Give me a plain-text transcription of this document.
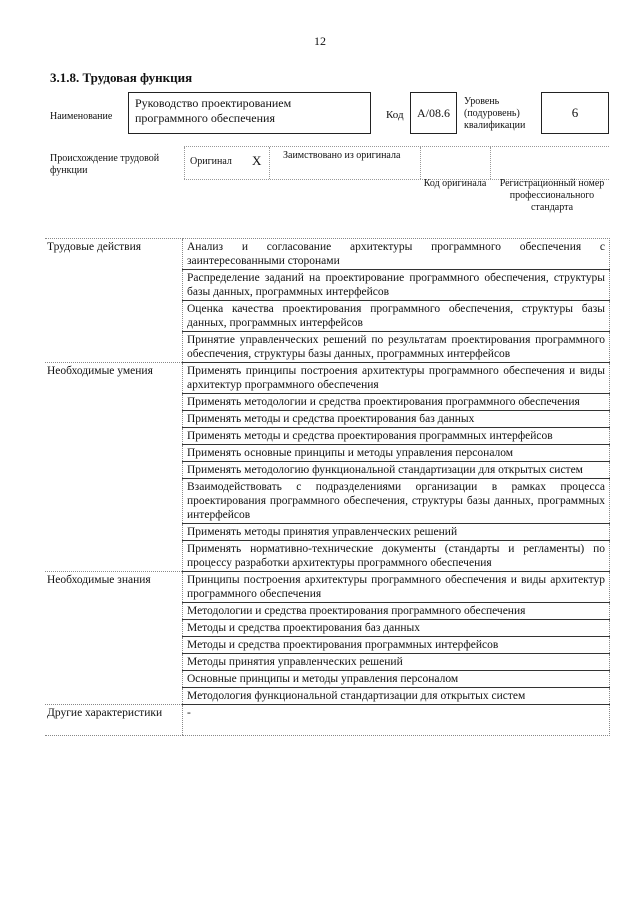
12
3.1.8. Трудовая функция
Наименование
Руководство проектированием программного обеспечения	Код	A/08.6
Уровень (подуровень) квалификации
6
Происхождение трудовой функции
Оригинал X Заимствовано из оригинала
Код оригинала	Регистрационный номер профессионального стандарта
Трудовые действия	Анализ и согласование архитектуры программного обеспечения с заинтересованными сторонами
	Распределение заданий на проектирование программного обеспечения, структуры базы данных, программных интерфейсов
	Оценка качества проектирования программного обеспечения, структуры базы данных, программных интерфейсов
	Принятие управленческих решений по результатам проектирования программного обеспечения, структуры базы данных, программных интерфейсов
Необходимые умения	Применять принципы построения архитектуры программного обеспечения и виды архитектур программного обеспечения
	Применять методологии и средства проектирования программного обеспечения
	Применять методы и средства проектирования баз данных
	Применять методы и средства проектирования программных интерфейсов
	Применять основные принципы и методы управления персоналом
	Применять методологию функциональной стандартизации для открытых систем
	Взаимодействовать с подразделениями организации в рамках процесса проектирования программного обеспечения, структуры базы данных, программных интерфейсов
	Применять методы принятия управленческих решений
	Применять нормативно-технические документы (стандарты и регламенты) по процессу разработки архитектуры программного обеспечения
Необходимые знания	Принципы построения архитектуры программного обеспечения и виды архитектур программного обеспечения
	Методологии и средства проектирования программного обеспечения
	Методы и средства проектирования баз данных
	Методы и средства проектирования программных интерфейсов
	Методы принятия управленческих решений
	Основные принципы и методы управления персоналом
	Методология функциональной стандартизации для открытых систем
Другие характеристики	-
